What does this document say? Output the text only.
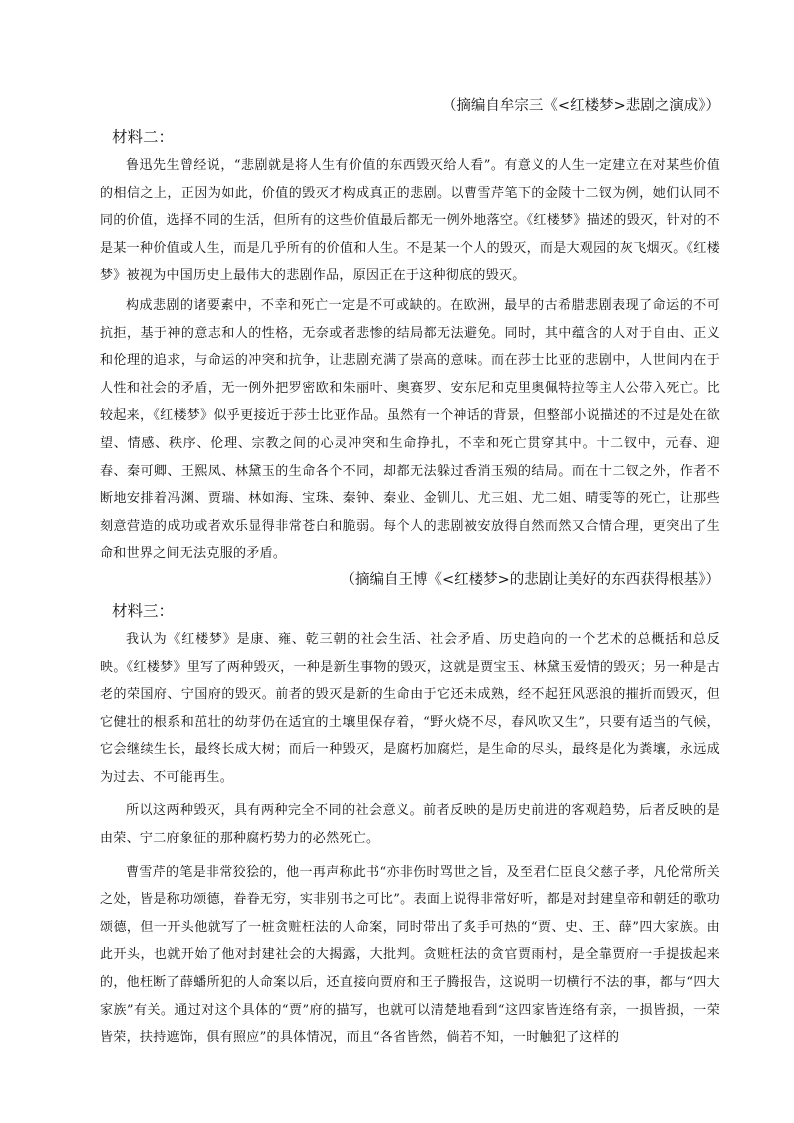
（摘编自牟宗三《<红楼梦>悲剧之演成》）

材料二：

鲁迅先生曾经说，“悲剧就是将人生有价值的东西毁灭给人看”。有意义的人生一定建立在对某些价值的相信之上，正因为如此，价值的毁灭才构成真正的悲剧。以曹雪芹笔下的金陵十二钗为例，她们认同不同的价值，选择不同的生活，但所有的这些价值最后都无一例外地落空。《红楼梦》描述的毁灭，针对的不是某一种价值或人生，而是几乎所有的价值和人生。不是某一个人的毁灭，而是大观园的灰飞烟灭。《红楼梦》被视为中国历史上最伟大的悲剧作品，原因正在于这种彻底的毁灭。

构成悲剧的诸要素中，不幸和死亡一定是不可或缺的。在欧洲，最早的古希腊悲剧表现了命运的不可抗拒，基于神的意志和人的性格，无奈或者悲惨的结局都无法避免。同时，其中蕴含的人对于自由、正义和伦理的追求，与命运的冲突和抗争，让悲剧充满了崇高的意味。而在莎士比亚的悲剧中，人世间内在于人性和社会的矛盾，无一例外把罗密欧和朱丽叶、奥赛罗、安东尼和克里奥佩特拉等主人公带入死亡。比较起来，《红楼梦》似乎更接近于莎士比亚作品。虽然有一个神话的背景，但整部小说描述的不过是处在欲望、情感、秩序、伦理、宗教之间的心灵冲突和生命挣扎，不幸和死亡贯穿其中。十二钗中，元春、迎春、秦可卿、王熙凤、林黛玉的生命各个不同，却都无法躲过香消玉殒的结局。而在十二钗之外，作者不断地安排着冯渊、贾瑞、林如海、宝珠、秦钟、秦业、金钏儿、尤三姐、尤二姐、晴雯等的死亡，让那些刻意营造的成功或者欢乐显得非常苍白和脆弱。每个人的悲剧被安放得自然而然又合情合理，更突出了生命和世界之间无法克服的矛盾。

（摘编自王博《<红楼梦>的悲剧让美好的东西获得根基》）

材料三：

我认为《红楼梦》是康、雍、乾三朝的社会生活、社会矛盾、历史趋向的一个艺术的总概括和总反映。《红楼梦》里写了两种毁灭，一种是新生事物的毁灭，这就是贾宝玉、林黛玉爱情的毁灭；另一种是古老的荣国府、宁国府的毁灭。前者的毁灭是新的生命由于它还未成熟，经不起狂风恶浪的摧折而毁灭，但它健壮的根系和茁壮的幼芽仍在适宜的土壤里保存着，“野火烧不尽，春风吹又生”，只要有适当的气候，它会继续生长，最终长成大树；而后一种毁灭，是腐朽加腐烂，是生命的尽头，最终是化为粪壤，永远成为过去、不可能再生。

所以这两种毁灭，具有两种完全不同的社会意义。前者反映的是历史前进的客观趋势，后者反映的是由荣、宁二府象征的那种腐朽势力的必然死亡。

曹雪芹的笔是非常狡狯的，他一再声称此书“亦非伤时骂世之旨，及至君仁臣良父慈子孝，凡伦常所关之处，皆是称功颂德，眷眷无穷，实非别书之可比”。表面上说得非常好听，都是对封建皇帝和朝廷的歌功颂德，但一开头他就写了一桩贪赃枉法的人命案，同时带出了炙手可热的“贾、史、王、薛”四大家族。由此开头，也就开始了他对封建社会的大揭露，大批判。贪赃枉法的贪官贾雨村，是全靠贾府一手提拔起来的，他枉断了薛蟠所犯的人命案以后，还直接向贾府和王子腾报告，这说明一切横行不法的事，都与“四大家族”有关。通过对这个具体的“贾”府的描写，也就可以清楚地看到“这四家皆连络有亲，一损皆损，一荣皆荣，扶持遮饰，俱有照应”的具体情况，而且“各省皆然，倘若不知，一时触犯了这样的
